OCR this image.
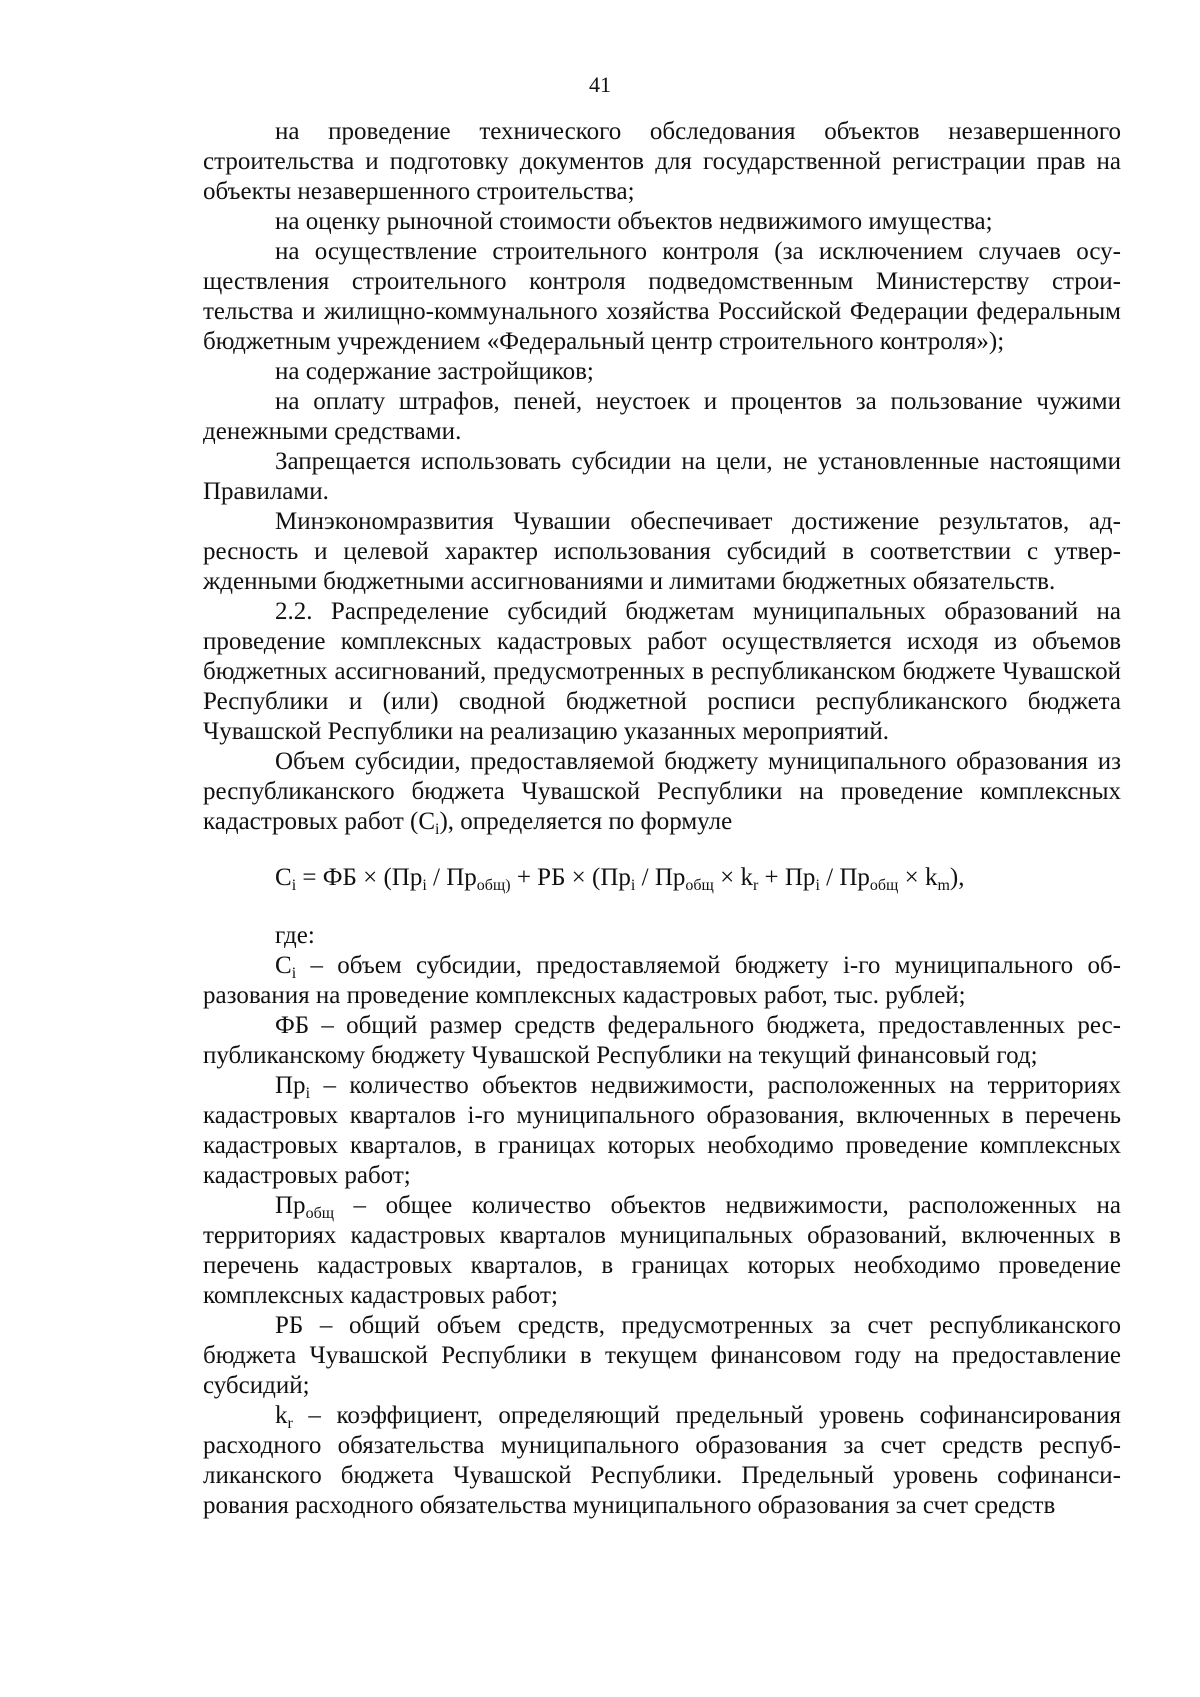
41

на проведение технического обследования объектов незавершенного строительства и подготовку документов для государственной регистрации прав на объекты незавершенного строительства;

на оценку рыночной стоимости объектов недвижимого имущества;

на осуществление строительного контроля (за исключением случаев осуществления строительного контроля подведомственным Министерству строительства и жилищно-коммунального хозяйства Российской Федерации федеральным бюджетным учреждением «Федеральный центр строительного контроля»);

на содержание застройщиков;

на оплату штрафов, пеней, неустоек и процентов за пользование чужими денежными средствами.

Запрещается использовать субсидии на цели, не установленные настоящими Правилами.

Минэкономразвития Чувашии обеспечивает достижение результатов, адресность и целевой характер использования субсидий в соответствии с утвержденными бюджетными ассигнованиями и лимитами бюджетных обязательств.

2.2. Распределение субсидий бюджетам муниципальных образований на проведение комплексных кадастровых работ осуществляется исходя из объемов бюджетных ассигнований, предусмотренных в республиканском бюджете Чувашской Республики и (или) сводной бюджетной росписи республиканского бюджета Чувашской Республики на реализацию указанных мероприятий.

Объем субсидии, предоставляемой бюджету муниципального образования из республиканского бюджета Чувашской Республики на проведение комплексных кадастровых работ $(C_i)$, определяется по формуле

$C_i$ = ФБ × ($Пр_i / Пр_{общ)}$ + РБ × $(Пр_i / Пр_{общ} \times k_r + Пр_i / Пр_{общ} \times k_m)$,

где:

$C_i$ – объем субсидии, предоставляемой бюджету i-го муниципального образования на проведение комплексных кадастровых работ, тыс. рублей;

ФБ – общий размер средств федерального бюджета, предоставленных республиканскому бюджету Чувашской Республики на текущий финансовый год;

$Пр_i$ – количество объектов недвижимости, расположенных на территориях кадастровых кварталов i-го муниципального образования, включенных в перечень кадастровых кварталов, в границах которых необходимо проведение комплексных кадастровых работ;

$Пр_{общ}$ – общее количество объектов недвижимости, расположенных на территориях кадастровых кварталов муниципальных образований, включенных в перечень кадастровых кварталов, в границах которых необходимо проведение комплексных кадастровых работ;

РБ – общий объем средств, предусмотренных за счет республиканского бюджета Чувашской Республики в текущем финансовом году на предоставление субсидий;

$k_r$ – коэффициент, определяющий предельный уровень софинансирования расходного обязательства муниципального образования за счет средств республиканского бюджета Чувашской Республики. Предельный уровень софинансирования расходного обязательства муниципального образования за счет средств
